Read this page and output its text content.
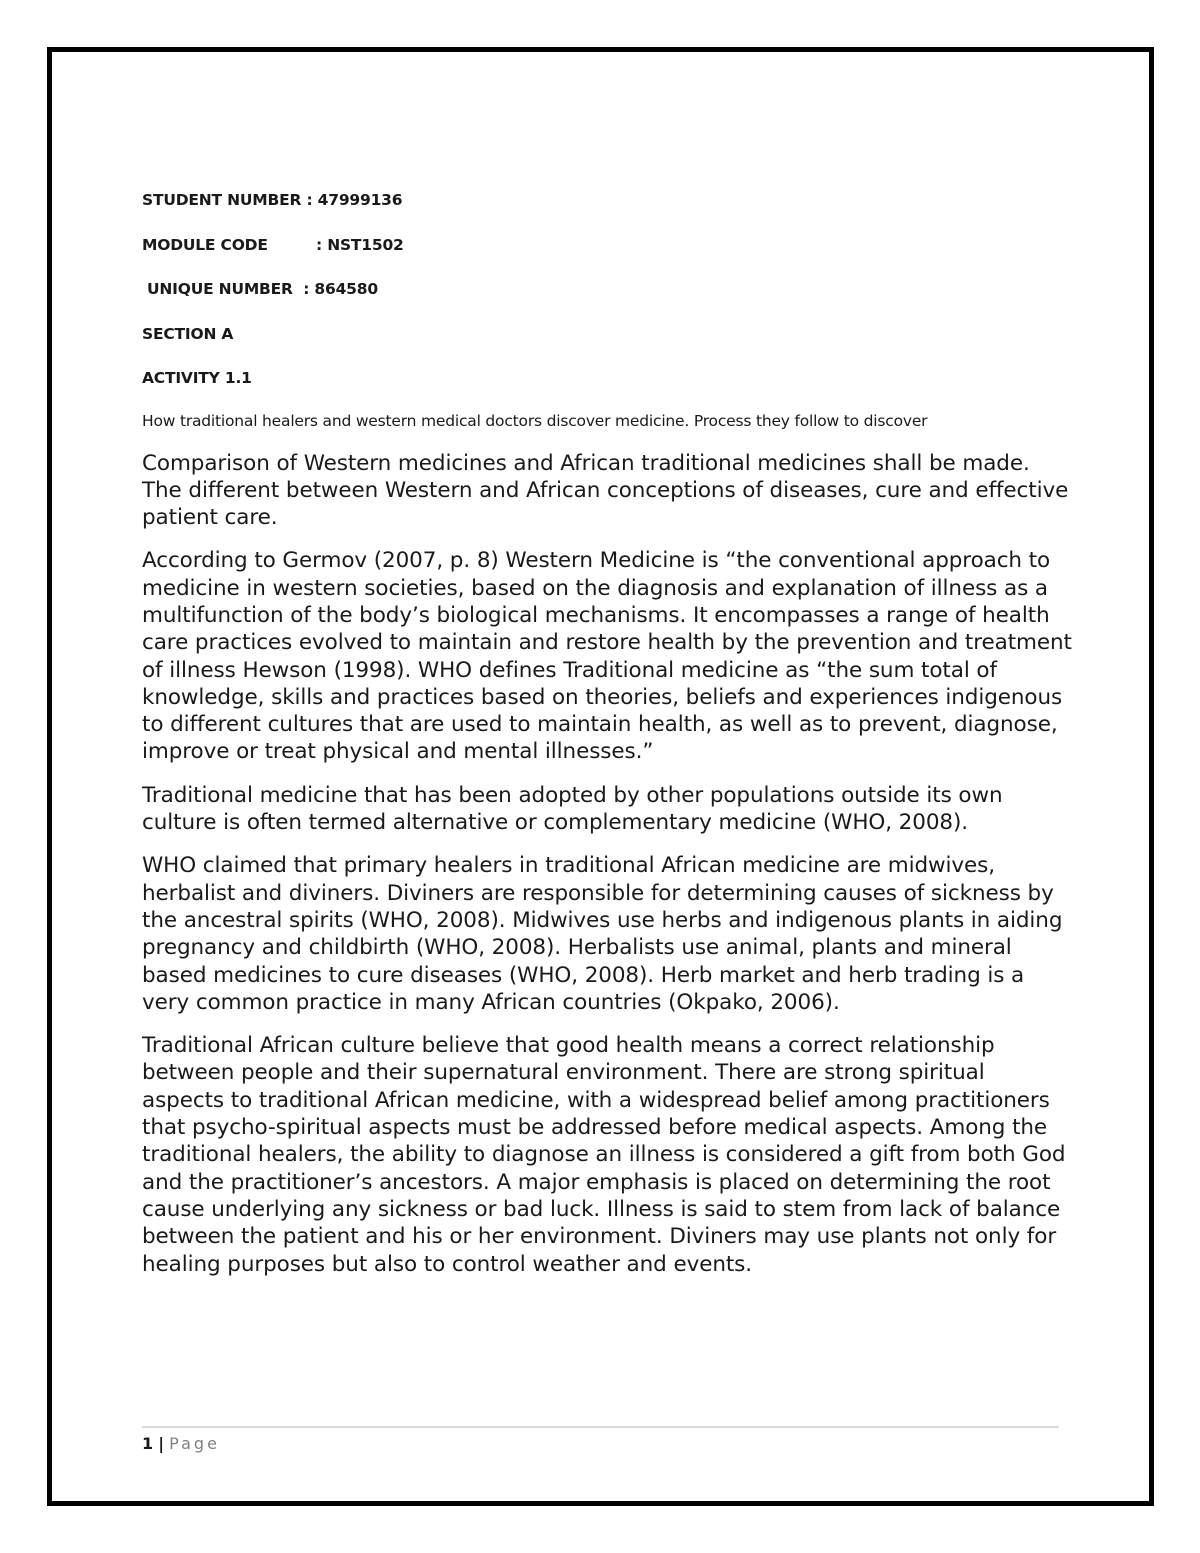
STUDENT NUMBER : 47999136
MODULE CODE	: NST1502
UNIQUE NUMBER : 864580
SECTION A
ACTIVITY 1.1
How traditional healers and western medical doctors discover medicine. Process they follow to discover

Comparison of Western medicines and African traditional medicines shall be made. The different between Western and African conceptions of diseases, cure and effective patient care.

According to Germov (2007, p. 8) Western Medicine is “the conventional approach to medicine in western societies, based on the diagnosis and explanation of illness as a multifunction of the body’s biological mechanisms. It encompasses a range of health care practices evolved to maintain and restore health by the prevention and treatment of illness Hewson (1998). WHO defines Traditional medicine as “the sum total of knowledge, skills and practices based on theories, beliefs and experiences indigenous to different cultures that are used to maintain health, as well as to prevent, diagnose, improve or treat physical and mental illnesses.”

Traditional medicine that has been adopted by other populations outside its own culture is often termed alternative or complementary medicine (WHO, 2008).

WHO claimed that primary healers in traditional African medicine are midwives, herbalist and diviners. Diviners are responsible for determining causes of sickness by the ancestral spirits (WHO, 2008). Midwives use herbs and indigenous plants in aiding pregnancy and childbirth (WHO, 2008). Herbalists use animal, plants and mineral based medicines to cure diseases (WHO, 2008). Herb market and herb trading is a very common practice in many African countries (Okpako, 2006).

Traditional African culture believe that good health means a correct relationship between people and their supernatural environment. There are strong spiritual aspects to traditional African medicine, with a widespread belief among practitioners that psycho-spiritual aspects must be addressed before medical aspects. Among the traditional healers, the ability to diagnose an illness is considered a gift from both God and the practitioner’s ancestors. A major emphasis is placed on determining the root cause underlying any sickness or bad luck. Illness is said to stem from lack of balance between the patient and his or her environment. Diviners may use plants not only for healing purposes but also to control weather and events.

1 | Page
